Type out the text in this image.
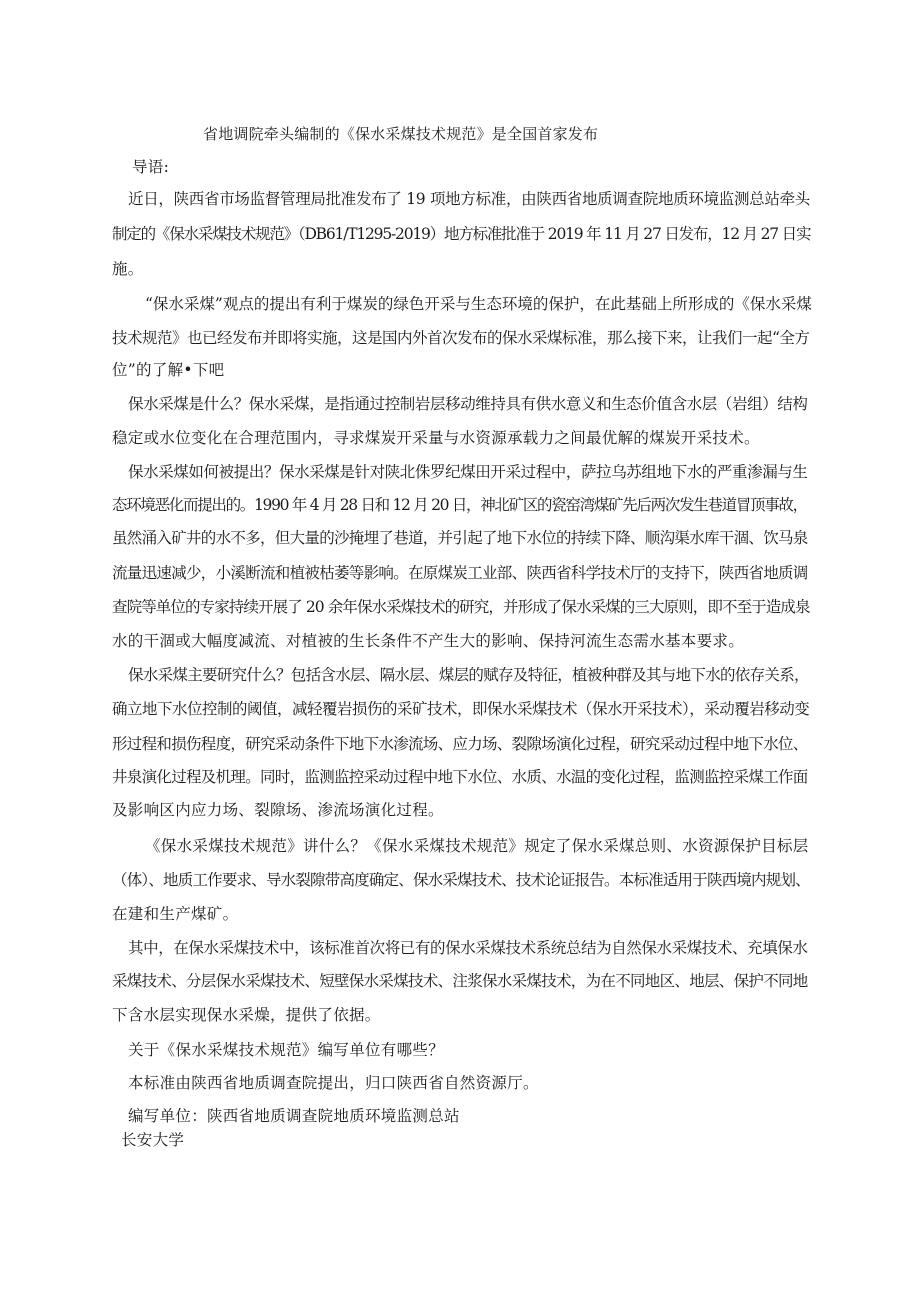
省地调院牵头编制的《保水采煤技术规范》是全国首家发布
导语:
近日，陕西省市场监督管理局批准发布了 19 项地方标准，由陕西省地质调查院地质环境监测总站牵头
制定的《保水采煤技术规范》（DB61/T1295-2019）地方标准批准于 2019 年 11 月 27 日发布，12 月 27 日实
施。
“保水采煤”观点的提出有利于煤炭的绿色开采与生态环境的保护，在此基础上所形成的《保水采煤
技术规范》也已经发布并即将实施，这是国内外首次发布的保水采煤标准，那么接下来，让我们一起“全方
位”的了解•下吧
保水采煤是什么？保水采煤，是指通过控制岩层移动维持具有供水意义和生态价值含水层（岩组）结构
稳定或水位变化在合理范围内，寻求煤炭开采量与水资源承载力之间最优解的煤炭开采技术。
保水采煤如何被提出？保水采煤是针对陕北侏罗纪煤田开采过程中，萨拉乌苏组地下水的严重渗漏与生
态环境恶化而提出的。1990 年 4 月 28 日和 12 月 20 日，神北矿区的瓷窑湾煤矿先后两次发生巷道冒顶事故，
虽然涌入矿井的水不多，但大量的沙掩埋了巷道，并引起了地下水位的持续下降、顺沟渠水库干涸、饮马泉
流量迅速减少，小溪断流和植被枯萎等影响。在原煤炭工业部、陕西省科学技术厅的支持下，陕西省地质调
查院等单位的专家持续开展了 20 余年保水采煤技术的研究，并形成了保水采煤的三大原则，即不至于造成泉
水的干涸或大幅度减流、对植被的生长条件不产生大的影响、保持河流生态需水基本要求。
保水采煤主要研究什么？包括含水层、隔水层、煤层的赋存及特征，植被种群及其与地下水的依存关系，
确立地下水位控制的阈值，减轻覆岩损伤的采矿技术，即保水采煤技术（保水开采技术），采动覆岩移动变
形过程和损伤程度，研究采动条件下地下水渗流场、应力场、裂隙场演化过程，研究采动过程中地下水位、
井泉演化过程及机理。同时，监测监控采动过程中地下水位、水质、水温的变化过程，监测监控采煤工作面
及影响区内应力场、裂隙场、渗流场演化过程。
《保水采煤技术规范》讲什么？《保水采煤技术规范》规定了保水采煤总则、水资源保护目标层
（体）、地质工作要求、导水裂隙带高度确定、保水采煤技术、技术论证报告。本标准适用于陕西境内规划、
在建和生产煤矿。
其中，在保水采煤技术中，该标准首次将已有的保水采煤技术系统总结为自然保水采煤技术、充填保水
采煤技术、分层保水采煤技术、短壁保水采煤技术、注浆保水采煤技术，为在不同地区、地层、保护不同地
下含水层实现保水采燥，提供了依据。
关于《保水采煤技术规范》编写单位有哪些？
本标准由陕西省地质调查院提出，归口陕西省自然资源厅。
编写单位：陕西省地质调查院地质环境监测总站
长安大学
